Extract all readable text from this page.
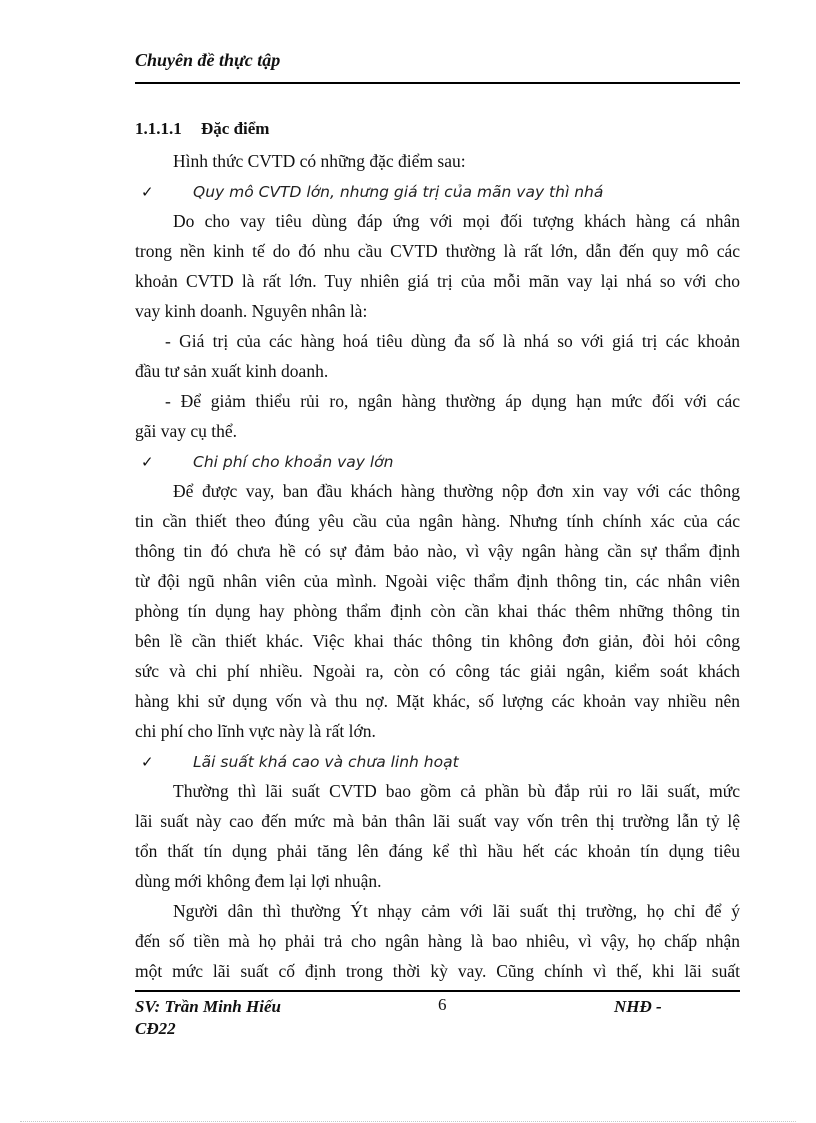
Chuyên đề thực tập
1.1.1.1 Đặc điểm
Hình thức CVTD có những đặc điểm sau:
✓	Quy mô CVTD lớn, nhưng giá trị của mãn vay thì nhá
Do cho vay tiêu dùng đáp ứng với mọi đối tượng khách hàng cá nhân
trong nền kinh tế do đó nhu cầu CVTD thường là rất lớn, dẫn đến quy mô các
khoản CVTD là rất lớn. Tuy nhiên giá trị của mỗi mãn vay lại nhá so với cho
vay kinh doanh. Nguyên nhân là:
- Giá trị của các hàng hoá tiêu dùng đa số là nhá so với giá trị các khoản
đầu tư sản xuất kinh doanh.
- Để giảm thiểu rủi ro, ngân hàng thường áp dụng hạn mức đối với các
gãi vay cụ thể.
✓	Chi phí cho khoản vay lớn
Để được vay, ban đầu khách hàng thường nộp đơn xin vay với các thông
tin cần thiết theo đúng yêu cầu của ngân hàng. Nhưng tính chính xác của các
thông tin đó chưa hề có sự đảm bảo nào, vì vậy ngân hàng cần sự thẩm định
từ đội ngũ nhân viên của mình. Ngoài việc thẩm định thông tin, các nhân viên
phòng tín dụng hay phòng thẩm định còn cần khai thác thêm những thông tin
bên lề cần thiết khác. Việc khai thác thông tin không đơn giản, đòi hỏi công
sức và chi phí nhiều. Ngoài ra, còn có công tác giải ngân, kiểm soát khách
hàng khi sử dụng vốn và thu nợ. Mặt khác, số lượng các khoản vay nhiều nên
chi phí cho lĩnh vực này là rất lớn.
✓	Lãi suất khá cao và chưa linh hoạt
Thường thì lãi suất CVTD bao gồm cả phần bù đắp rủi ro lãi suất, mức
lãi suất này cao đến mức mà bản thân lãi suất vay vốn trên thị trường lẫn tỷ lệ
tổn thất tín dụng phải tăng lên đáng kể thì hầu hết các khoản tín dụng tiêu
dùng mới không đem lại lợi nhuận.
Người dân thì thường Ýt nhạy cảm với lãi suất thị trường, họ chỉ để ý
đến số tiền mà họ phải trả cho ngân hàng là bao nhiêu, vì vậy, họ chấp nhận
một mức lãi suất cố định trong thời kỳ vay. Cũng chính vì thế, khi lãi suất
SV: Trần Minh Hiếu
CĐ22
6	NHĐ -
